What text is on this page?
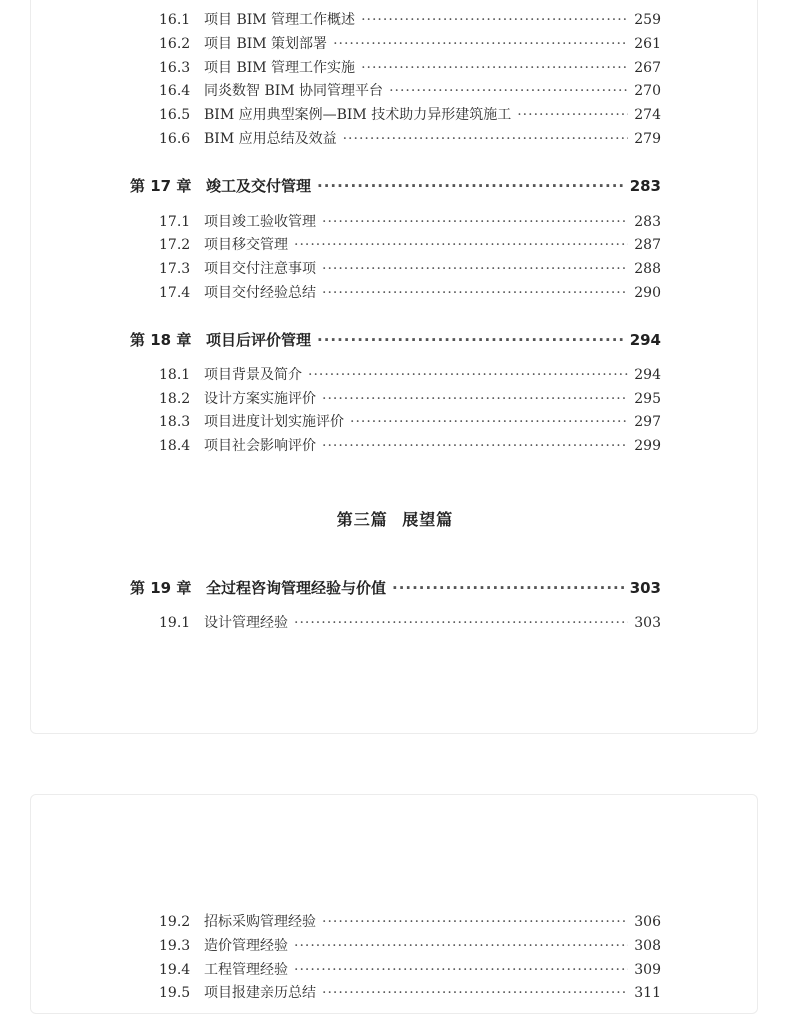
16.1 项目 BIM 管理工作概述 ·····	259
16.2 项目 BIM 策划部署 ·····	261
16.3 项目 BIM 管理工作实施 ·····	267
16.4 同炎数智 BIM 协同管理平台 ·····	270
16.5 BIM 应用典型案例—BIM 技术助力异形建筑施工 ·····	274
16.6 BIM 应用总结及效益 ·····	279
第 17 章 竣工及交付管理 ·····	283
17.1 项目竣工验收管理 ·····	283
17.2 项目移交管理 ·····	287
17.3 项目交付注意事项 ·····	288
17.4 项目交付经验总结 ·····	290
第 18 章 项目后评价管理 ·····	294
18.1 项目背景及简介 ·····	294
18.2 设计方案实施评价 ·····	295
18.3 项目进度计划实施评价 ·····	297
18.4 项目社会影响评价 ·····	299
第三篇 展望篇
第 19 章 全过程咨询管理经验与价值 ·····	303
19.1 设计管理经验 ·····	303
19.2 招标采购管理经验 ·····	306
19.3 造价管理经验 ·····	308
19.4 工程管理经验 ·····	309
19.5 项目报建亲历总结 ·····	311
